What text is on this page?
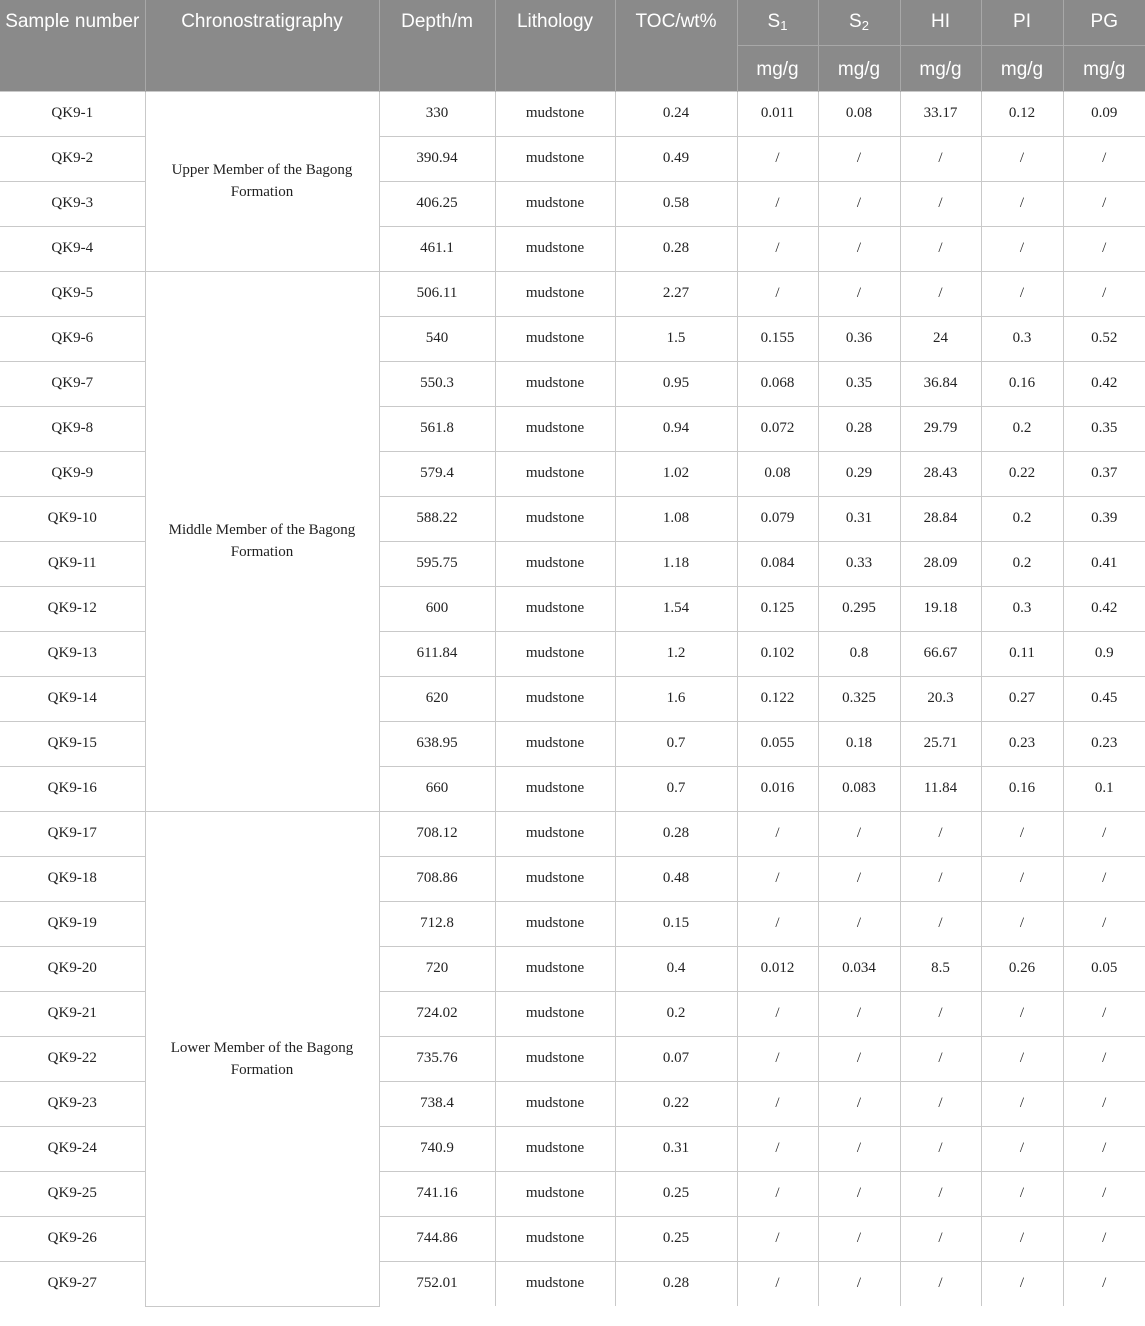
Sample number	Chronostratigraphy	Depth/m	Lithology	TOC/wt%	$S_1$	$S_2$	HI	PI	PG
					mg/g	mg/g	mg/g	mg/g	mg/g
QK9-1	Upper Member of the Bagong Formation	330	mudstone	0.24	0.011	0.08	33.17	0.12	0.09
QK9-2		390.94	mudstone	0.49	/	/	/	/	/
QK9-3		406.25	mudstone	0.58	/	/	/	/	/
QK9-4		461.1	mudstone	0.28	/	/	/	/	/
QK9-5	Middle Member of the Bagong Formation	506.11	mudstone	2.27	/	/	/	/	/
QK9-6		540	mudstone	1.5	0.155	0.36	24	0.3	0.52
QK9-7		550.3	mudstone	0.95	0.068	0.35	36.84	0.16	0.42
QK9-8		561.8	mudstone	0.94	0.072	0.28	29.79	0.2	0.35
QK9-9		579.4	mudstone	1.02	0.08	0.29	28.43	0.22	0.37
QK9-10		588.22	mudstone	1.08	0.079	0.31	28.84	0.2	0.39
QK9-11		595.75	mudstone	1.18	0.084	0.33	28.09	0.2	0.41
QK9-12		600	mudstone	1.54	0.125	0.295	19.18	0.3	0.42
QK9-13		611.84	mudstone	1.2	0.102	0.8	66.67	0.11	0.9
QK9-14		620	mudstone	1.6	0.122	0.325	20.3	0.27	0.45
QK9-15		638.95	mudstone	0.7	0.055	0.18	25.71	0.23	0.23
QK9-16		660	mudstone	0.7	0.016	0.083	11.84	0.16	0.1
QK9-17	Lower Member of the Bagong Formation	708.12	mudstone	0.28	/	/	/	/	/
QK9-18		708.86	mudstone	0.48	/	/	/	/	/
QK9-19		712.8	mudstone	0.15	/	/	/	/	/
QK9-20		720	mudstone	0.4	0.012	0.034	8.5	0.26	0.05
QK9-21		724.02	mudstone	0.2	/	/	/	/	/
QK9-22		735.76	mudstone	0.07	/	/	/	/	/
QK9-23		738.4	mudstone	0.22	/	/	/	/	/
QK9-24		740.9	mudstone	0.31	/	/	/	/	/
QK9-25		741.16	mudstone	0.25	/	/	/	/	/
QK9-26		744.86	mudstone	0.25	/	/	/	/	/
QK9-27		752.01	mudstone	0.28	/	/	/	/	/
